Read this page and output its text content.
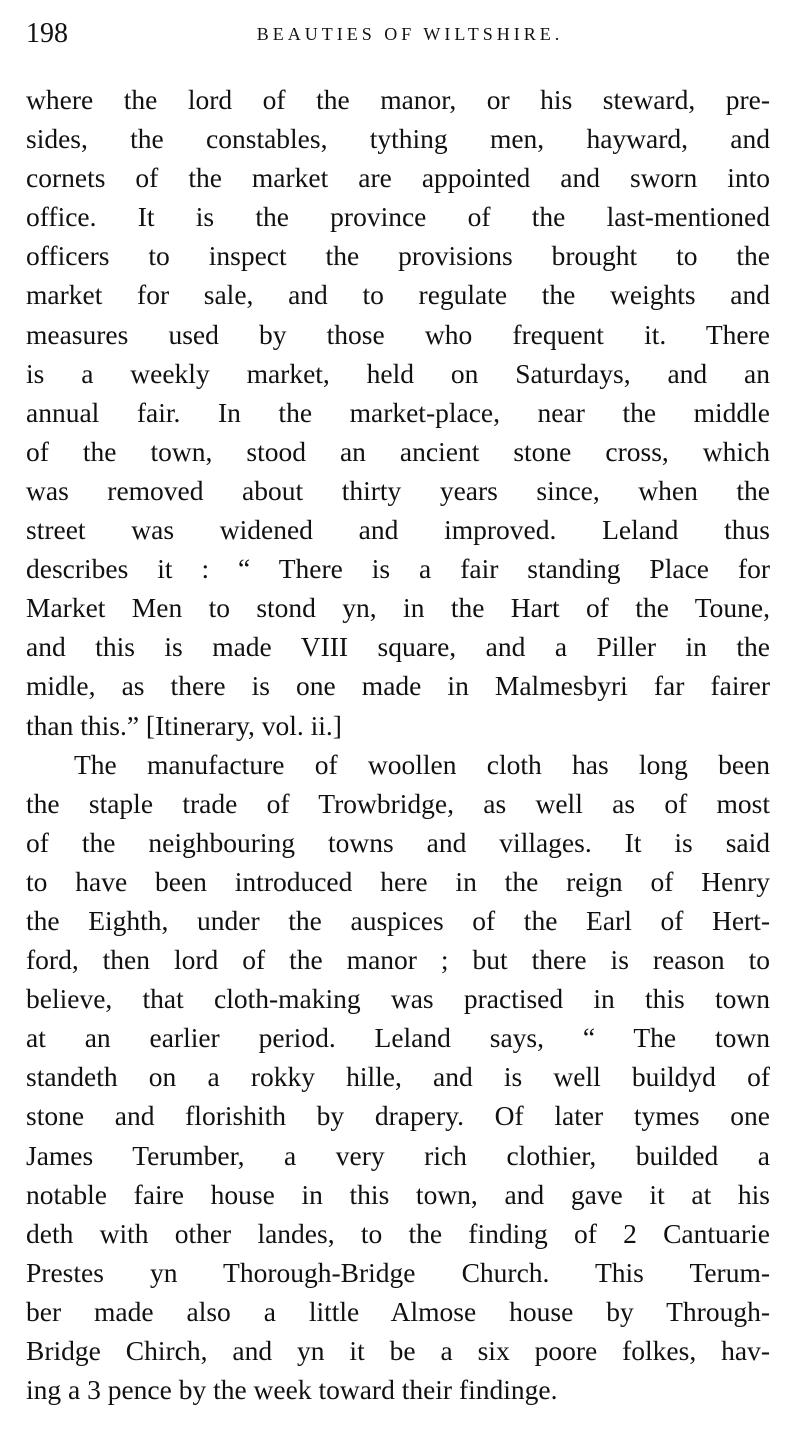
198	BEAUTIES OF WILTSHIRE.
where the lord of the manor, or his steward, pre-
sides, the constables, tything men, hayward, and
cornets of the market are appointed and sworn into
office. It is the province of the last-mentioned
officers to inspect the provisions brought to the
market for sale, and to regulate the weights and
measures used by those who frequent it. There
is a weekly market, held on Saturdays, and an
annual fair. In the market-place, near the middle
of the town, stood an ancient stone cross, which
was removed about thirty years since, when the
street was widened and improved. Leland thus
describes it : “ There is a fair standing Place for
Market Men to stond yn, in the Hart of the Toune,
and this is made VIII square, and a Piller in the
midle, as there is one made in Malmesbyri far fairer
than this.” [Itinerary, vol. ii.]
The manufacture of woollen cloth has long been
the staple trade of Trowbridge, as well as of most
of the neighbouring towns and villages. It is said
to have been introduced here in the reign of Henry
the Eighth, under the auspices of the Earl of Hert-
ford, then lord of the manor ; but there is reason to
believe, that cloth-making was practised in this town
at an earlier period. Leland says, “ The town
standeth on a rokky hille, and is well buildyd of
stone and florishith by drapery. Of later tymes one
James Terumber, a very rich clothier, builded a
notable faire house in this town, and gave it at his
deth with other landes, to the finding of 2 Cantuarie
Prestes yn Thorough-Bridge Church. This Terum-
ber made also a little Almose house by Through-
Bridge Chirch, and yn it be a six poore folkes, hav-
ing a 3 pence by the week toward their findinge.
